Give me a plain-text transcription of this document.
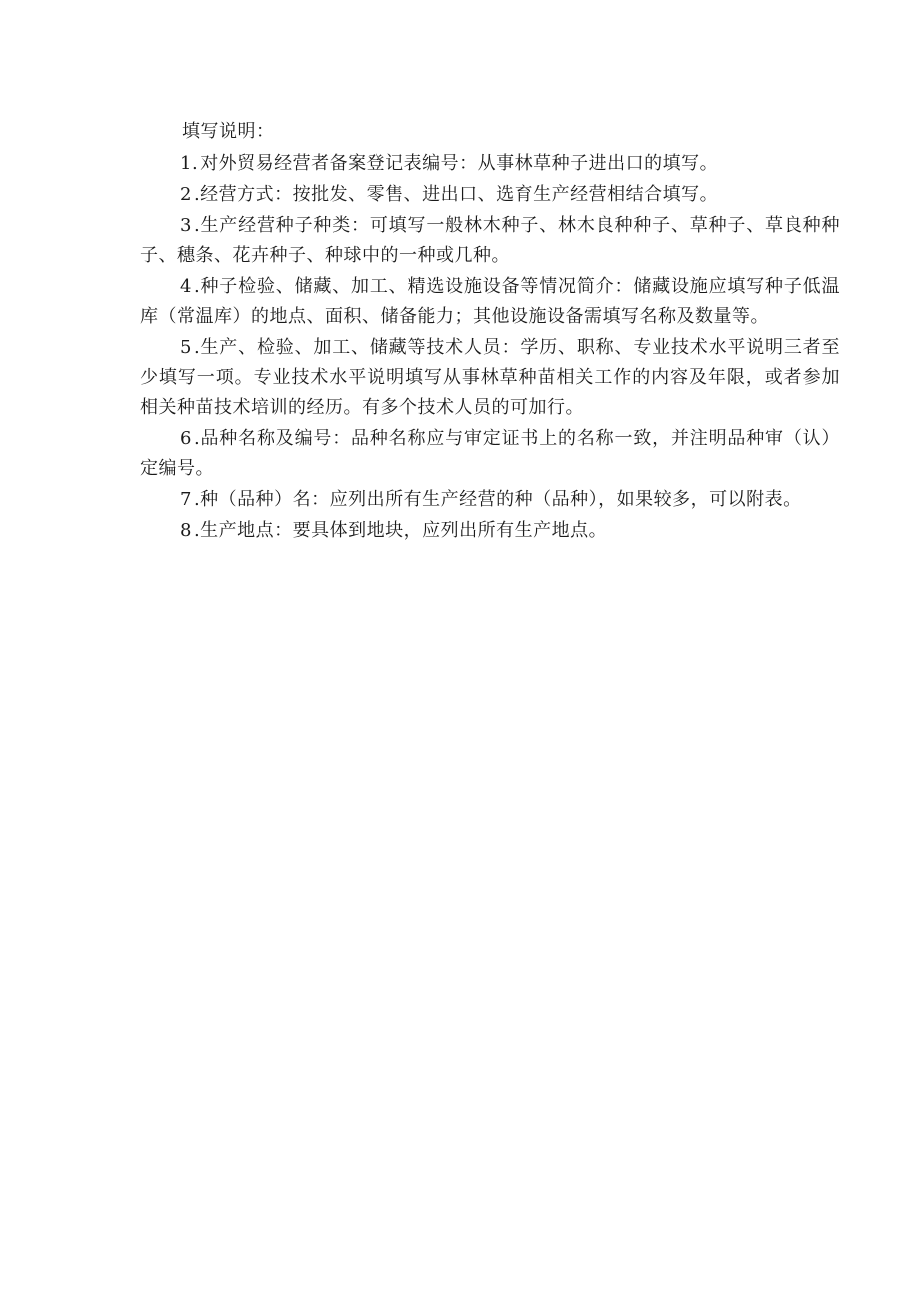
填写说明：

1. 对外贸易经营者备案登记表编号：从事林草种子进出口的填写。

2 .经营方式：按批发、零售、进出口、选育生产经营相结合填写。

3 .生产经营种子种类：可填写一般林木种子、林木良种种子、草种子、草良种种子、穗条、花卉种子、种球中的一种或几种。

4 .种子检验、储藏、加工、精选设施设备等情况简介：储藏设施应填写种子低温库（常温库）的地点、面积、储备能力；其他设施设备需填写名称及数量等。

5 .生产、检验、加工、储藏等技术人员：学历、职称、专业技术水平说明三者至少填写一项。专业技术水平说明填写从事林草种苗相关工作的内容及年限，或者参加相关种苗技术培训的经历。有多个技术人员的可加行。

6 .品种名称及编号：品种名称应与审定证书上的名称一致，并注明品种审（认）定编号。

7 .种（品种）名：应列出所有生产经营的种（品种），如果较多，可以附表。

8 .生产地点：要具体到地块，应列出所有生产地点。
